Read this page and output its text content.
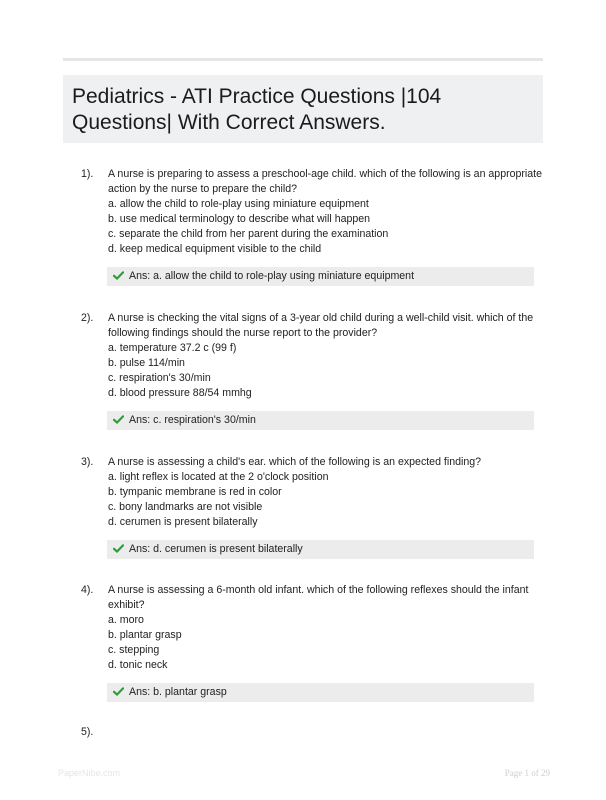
Pediatrics - ATI Practice Questions |104 Questions| With Correct Answers.
1). A nurse is preparing to assess a preschool-age child. which of the following is an appropriate action by the nurse to prepare the child?
a. allow the child to role-play using miniature equipment
b. use medical terminology to describe what will happen
c. separate the child from her parent during the examination
d. keep medical equipment visible to the child
Ans: a. allow the child to role-play using miniature equipment
2). A nurse is checking the vital signs of a 3-year old child during a well-child visit. which of the following findings should the nurse report to the provider?
a. temperature 37.2 c (99 f)
b. pulse 114/min
c. respiration's 30/min
d. blood pressure 88/54 mmhg
Ans: c. respiration's 30/min
3). A nurse is assessing a child's ear. which of the following is an expected finding?
a. light reflex is located at the 2 o'clock position
b. tympanic membrane is red in color
c. bony landmarks are not visible
d. cerumen is present bilaterally
Ans: d. cerumen is present bilaterally
4). A nurse is assessing a 6-month old infant. which of the following reflexes should the infant exhibit?
a. moro
b. plantar grasp
c. stepping
d. tonic neck
Ans: b. plantar grasp
5).
PaperNibe.com	Page 1 of 29
